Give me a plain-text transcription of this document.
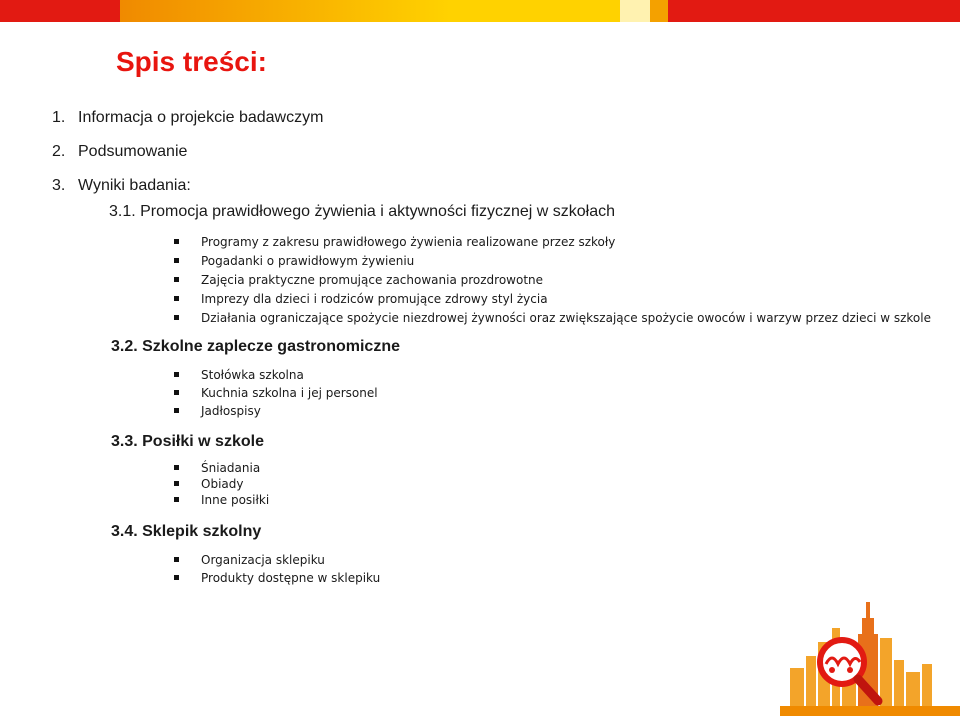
Spis treści:

1. Informacja o projekcie badawczym

2. Podsumowanie

3. Wyniki badania:

3.1. Promocja prawidłowego żywienia i aktywności fizycznej w szkołach

Programy z zakresu prawidłowego żywienia realizowane przez szkoły
Pogadanki o prawidłowym żywieniu
Zajęcia praktyczne promujące zachowania prozdrowotne
Imprezy dla dzieci i rodziców promujące zdrowy styl życia
Działania ograniczające spożycie niezdrowej żywności oraz zwiększające spożycie owoców i warzyw przez dzieci w szkole

3.2. Szkolne zaplecze gastronomiczne

Stołówka szkolna
Kuchnia szkolna i jej personel
Jadłospisy

3.3. Posiłki w szkole

Śniadania
Obiady
Inne posiłki

3.4. Sklepik szkolny

Organizacja sklepiku
Produkty dostępne w sklepiku
